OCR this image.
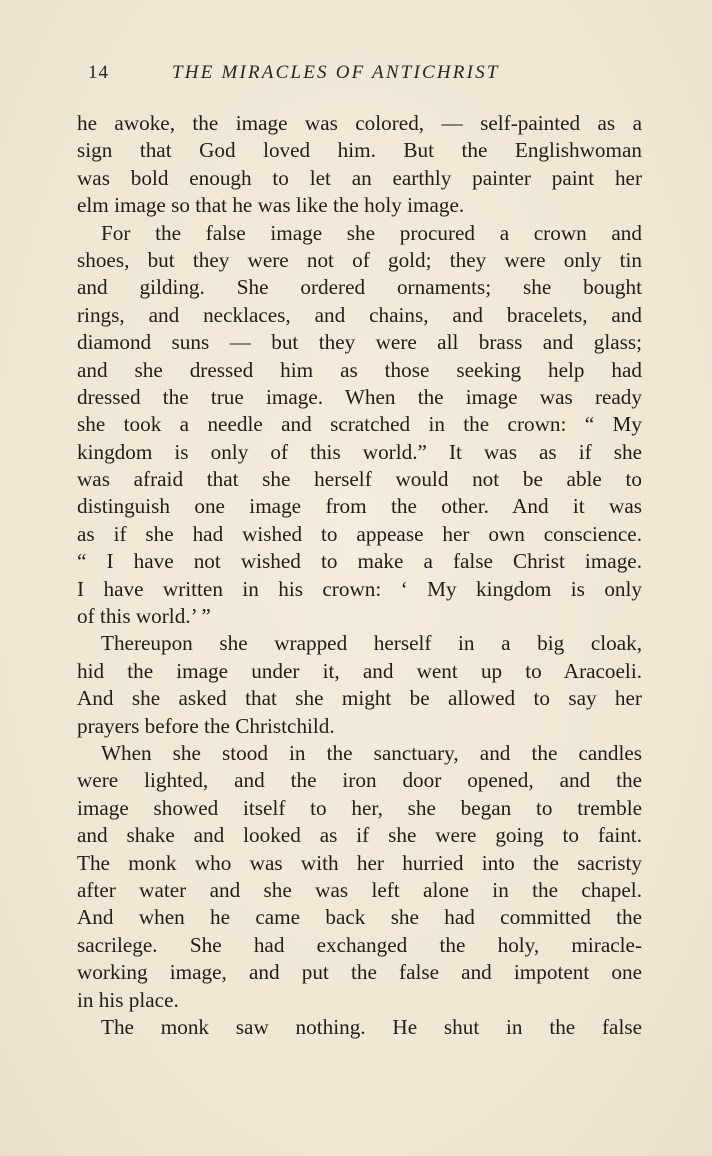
14	THE MIRACLES OF ANTICHRIST
he awoke, the image was colored, — self-painted as a
sign that God loved him. But the Englishwoman
was bold enough to let an earthly painter paint her
elm image so that he was like the holy image.
For the false image she procured a crown and
shoes, but they were not of gold; they were only tin
and gilding. She ordered ornaments; she bought
rings, and necklaces, and chains, and bracelets, and
diamond suns — but they were all brass and glass;
and she dressed him as those seeking help had
dressed the true image. When the image was ready
she took a needle and scratched in the crown: “ My
kingdom is only of this world.” It was as if she
was afraid that she herself would not be able to
distinguish one image from the other. And it was
as if she had wished to appease her own conscience.
“ I have not wished to make a false Christ image.
I have written in his crown: ‘ My kingdom is only
of this world.’ ”
Thereupon she wrapped herself in a big cloak,
hid the image under it, and went up to Aracoeli.
And she asked that she might be allowed to say her
prayers before the Christchild.
When she stood in the sanctuary, and the candles
were lighted, and the iron door opened, and the
image showed itself to her, she began to tremble
and shake and looked as if she were going to faint.
The monk who was with her hurried into the sacristy
after water and she was left alone in the chapel.
And when he came back she had committed the
sacrilege. She had exchanged the holy, miracle-
working image, and put the false and impotent one
in his place.
The monk saw nothing. He shut in the false
